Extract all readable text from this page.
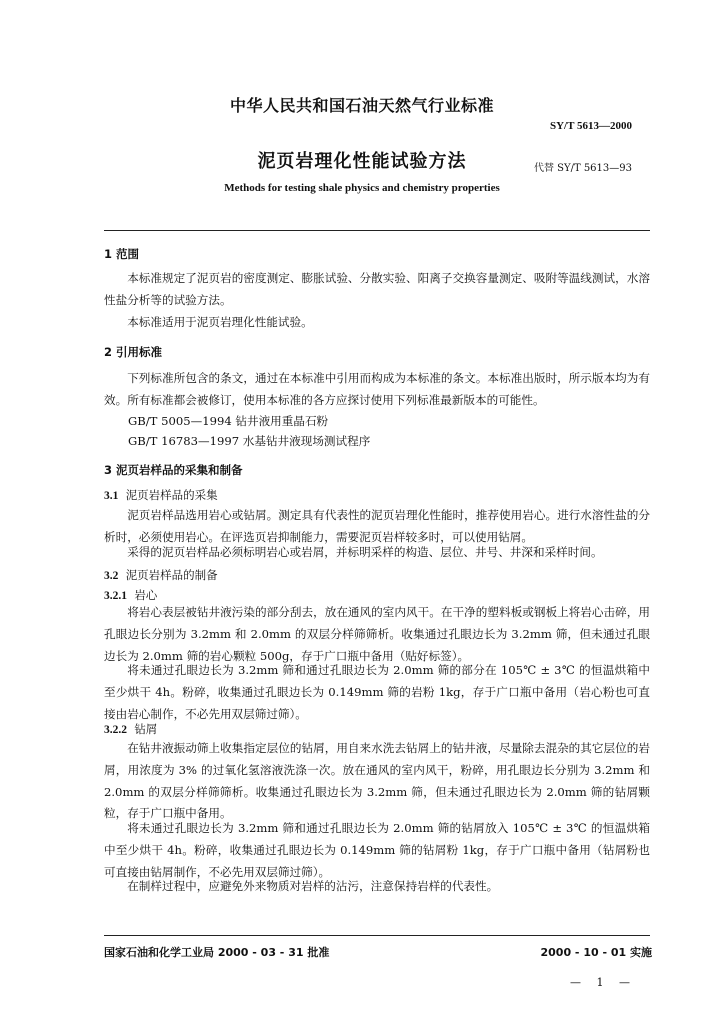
中华人民共和国石油天然气行业标准
SY/T 5613—2000
泥页岩理化性能试验方法	代替 SY/T 5613—93
Methods for testing shale physics and chemistry properties
1 范围
本标准规定了泥页岩的密度测定、膨胀试验、分散实验、阳离子交换容量测定、吸附等温线测试，水溶性盐分析等的试验方法。
本标准适用于泥页岩理化性能试验。
2 引用标准
下列标准所包含的条文，通过在本标准中引用而构成为本标准的条文。本标准出版时，所示版本均为有效。所有标准都会被修订，使用本标准的各方应探讨使用下列标准最新版本的可能性。
GB/T 5005—1994 钻井液用重晶石粉
GB/T 16783—1997 水基钻井液现场测试程序
3 泥页岩样品的采集和制备
3.1 泥页岩样品的采集
泥页岩样品选用岩心或钻屑。测定具有代表性的泥页岩理化性能时，推荐使用岩心。进行水溶性盐的分析时，必须使用岩心。在评选页岩抑制能力，需要泥页岩样较多时，可以使用钻屑。
采得的泥页岩样品必须标明岩心或岩屑，并标明采样的构造、层位、井号、井深和采样时间。
3.2 泥页岩样品的制备
3.2.1 岩心
将岩心表层被钻井液污染的部分刮去，放在通风的室内风干。在干净的塑料板或钢板上将岩心击碎，用孔眼边长分别为 3.2mm 和 2.0mm 的双层分样筛筛析。收集通过孔眼边长为 3.2mm 筛，但未通过孔眼边长为 2.0mm 筛的岩心颗粒 500g，存于广口瓶中备用（贴好标签）。
将未通过孔眼边长为 3.2mm 筛和通过孔眼边长为 2.0mm 筛的部分在 105℃ ± 3℃ 的恒温烘箱中至少烘干 4h。粉碎，收集通过孔眼边长为 0.149mm 筛的岩粉 1kg，存于广口瓶中备用（岩心粉也可直接由岩心制作，不必先用双层筛过筛）。
3.2.2 钻屑
在钻井液振动筛上收集指定层位的钻屑，用自来水洗去钻屑上的钻井液，尽量除去混杂的其它层位的岩屑，用浓度为 3% 的过氧化氢溶液洗涤一次。放在通风的室内风干，粉碎，用孔眼边长分别为 3.2mm 和 2.0mm 的双层分样筛筛析。收集通过孔眼边长为 3.2mm 筛，但未通过孔眼边长为 2.0mm 筛的钻屑颗粒，存于广口瓶中备用。
将未通过孔眼边长为 3.2mm 筛和通过孔眼边长为 2.0mm 筛的钻屑放入 105℃ ± 3℃ 的恒温烘箱中至少烘干 4h。粉碎，收集通过孔眼边长为 0.149mm 筛的钻屑粉 1kg，存于广口瓶中备用（钻屑粉也可直接由钻屑制作，不必先用双层筛过筛）。
在制样过程中，应避免外来物质对岩样的沾污，注意保持岩样的代表性。
国家石油和化学工业局 2000 - 03 - 31 批准	2000 - 10 - 01 实施
— 1 —
